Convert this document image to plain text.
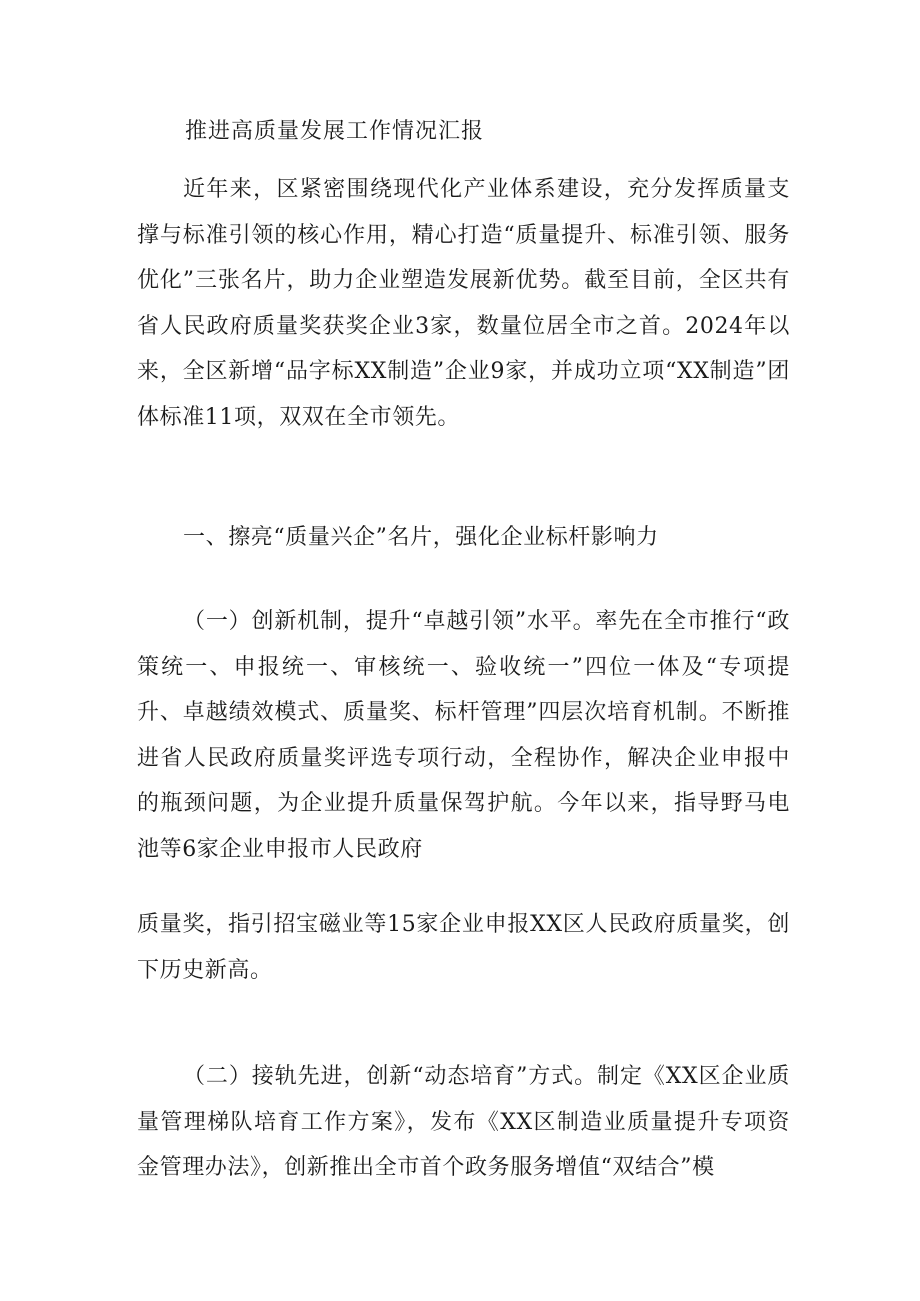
推进高质量发展工作情况汇报

近年来，区紧密围绕现代化产业体系建设，充分发挥质量支撑与标准引领的核心作用，精心打造“质量提升、标准引领、服务优化”三张名片，助力企业塑造发展新优势。截至目前，全区共有省人民政府质量奖获奖企业3家，数量位居全市之首。2024年以来，全区新增“品字标XX制造”企业9家，并成功立项“XX制造”团体标准11项，双双在全市领先。

一、擦亮“质量兴企”名片，强化企业标杆影响力

（一）创新机制，提升“卓越引领”水平。率先在全市推行“政策统一、申报统一、审核统一、验收统一”四位一体及“专项提升、卓越绩效模式、质量奖、标杆管理”四层次培育机制。不断推进省人民政府质量奖评选专项行动，全程协作，解决企业申报中的瓶颈问题，为企业提升质量保驾护航。今年以来，指导野马电池等6家企业申报市人民政府

质量奖，指引招宝磁业等15家企业申报XX区人民政府质量奖，创下历史新高。

（二）接轨先进，创新“动态培育”方式。制定《XX区企业质量管理梯队培育工作方案》，发布《XX区制造业质量提升专项资金管理办法》，创新推出全市首个政务服务增值“双结合”模
